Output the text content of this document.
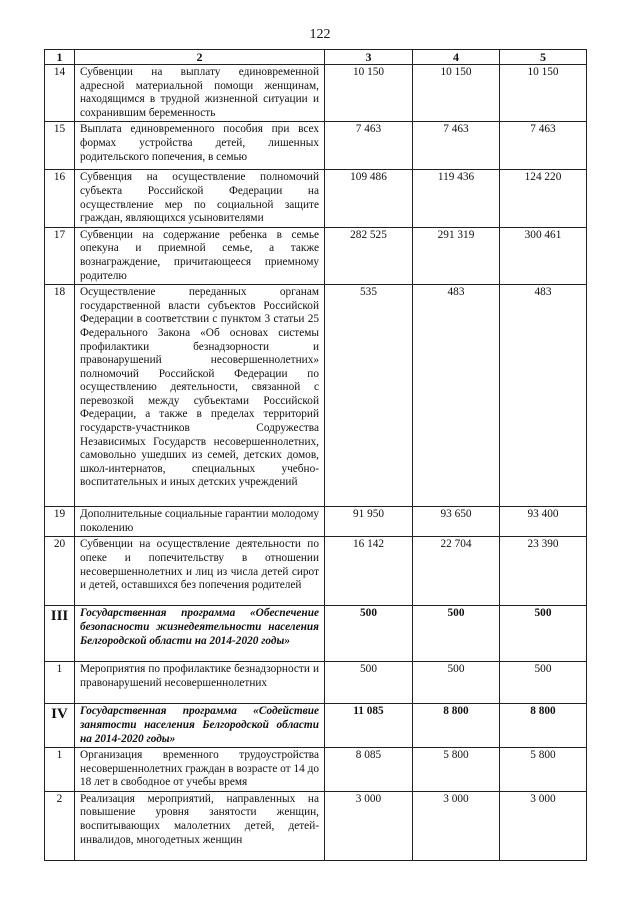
122
1	2	3	4	5
14	Субвенции на выплату единовременной адресной материальной помощи женщинам, находящимся в трудной жизненной ситуации и сохранившим беременность	10 150	10 150	10 150
15	Выплата единовременного пособия при всех формах устройства детей, лишенных родительского попечения, в семью	7 463	7 463	7 463
16	Субвенция на осуществление полномочий субъекта Российской Федерации на осуществление мер по социальной защите граждан, являющихся усыновителями	109 486	119 436	124 220
17	Субвенции на содержание ребенка в семье опекуна и приемной семье, а также вознаграждение, причитающееся приемному родителю	282 525	291 319	300 461
18	Осуществление переданных органам государственной власти субъектов Российской Федерации в соответствии с пунктом 3 статьи 25 Федерального Закона «Об основах системы профилактики безнадзорности и правонарушений несовершеннолетних» полномочий Российской Федерации по осуществлению деятельности, связанной с перевозкой между субъектами Российской Федерации, а также в пределах территорий государств-участников Содружества Независимых Государств несовершеннолетних, самовольно ушедших из семей, детских домов, школ-интернатов, специальных учебно-воспитательных и иных детских учреждений	535	483	483
19	Дополнительные социальные гарантии молодому поколению	91 950	93 650	93 400
20	Субвенции на осуществление деятельности по опеке и попечительству в отношении несовершеннолетних и лиц из числа детей сирот и детей, оставшихся без попечения родителей	16 142	22 704	23 390
III	Государственная программа «Обеспечение безопасности жизнедеятельности населения Белгородской области на 2014-2020 годы»	500	500	500
1	Мероприятия по профилактике безнадзорности и правонарушений несовершеннолетних	500	500	500
IV	Государственная программа «Содействие занятости населения Белгородской области на 2014-2020 годы»	11 085	8 800	8 800
1	Организация временного трудоустройства несовершеннолетних граждан в возрасте от 14 до 18 лет в свободное от учебы время	8 085	5 800	5 800
2	Реализация мероприятий, направленных на повышение уровня занятости женщин, воспитывающих малолетних детей, детей-инвалидов, многодетных женщин	3 000	3 000	3 000
